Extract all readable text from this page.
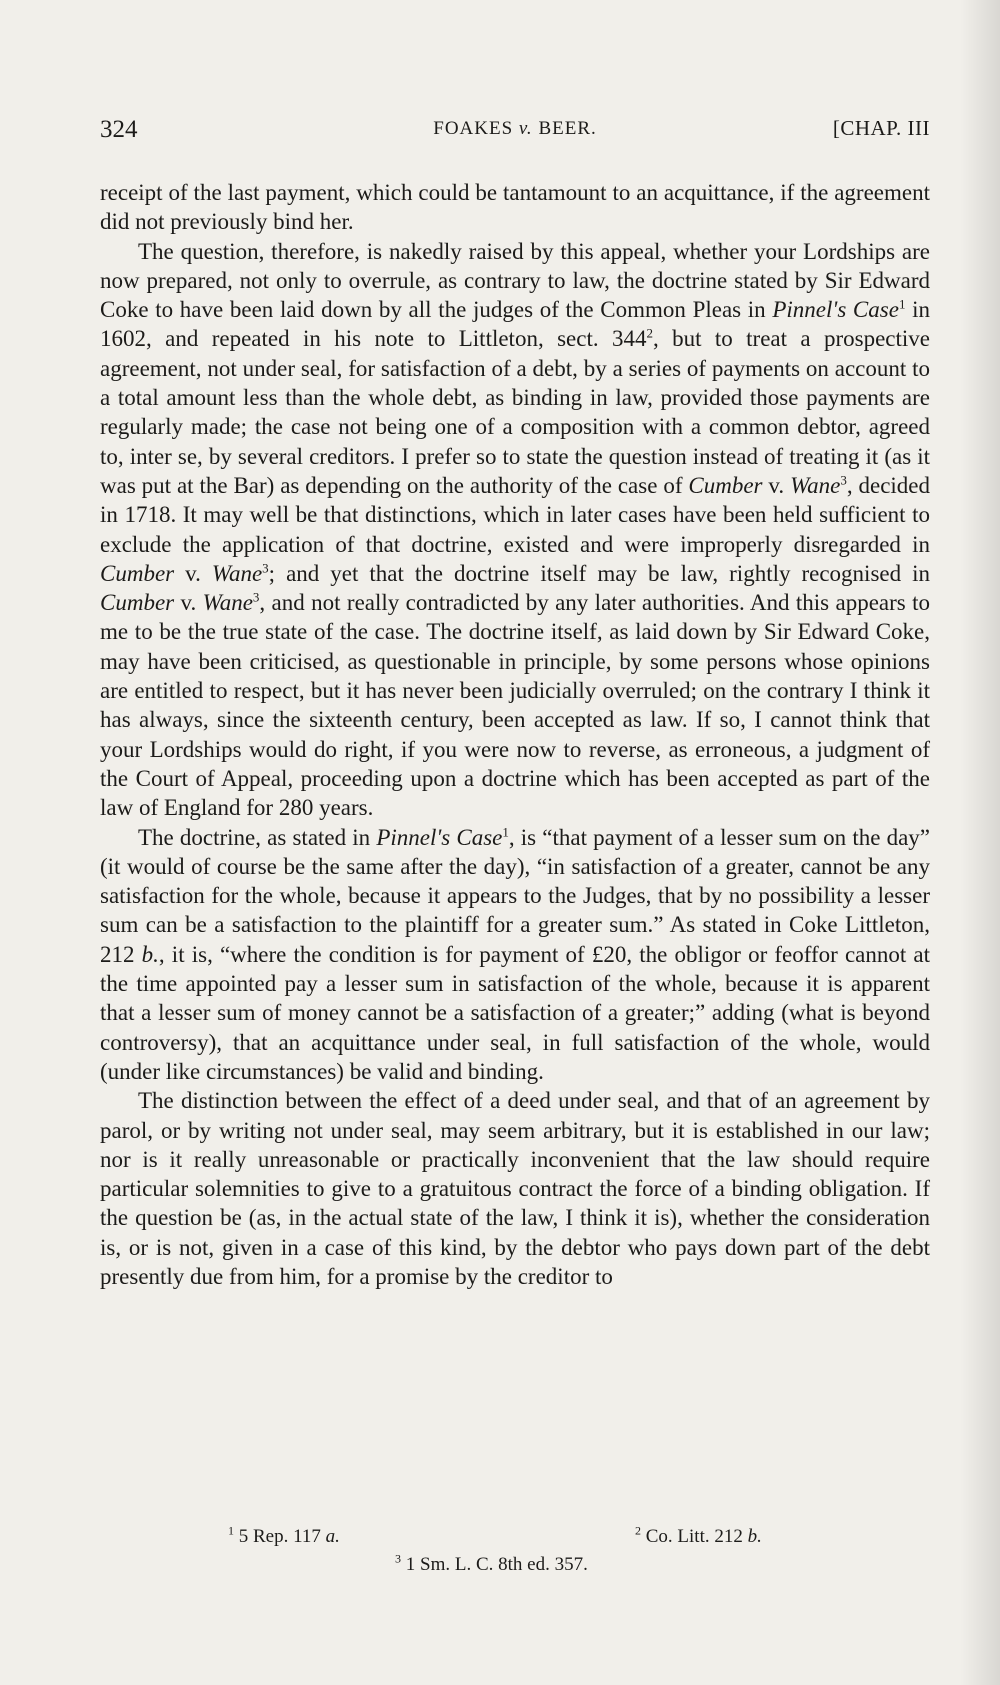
324	FOAKES v. BEER.	[CHAP. III

receipt of the last payment, which could be tantamount to an acquittance, if the agreement did not previously bind her.

The question, therefore, is nakedly raised by this appeal, whether your Lordships are now prepared, not only to overrule, as contrary to law, the doctrine stated by Sir Edward Coke to have been laid down by all the judges of the Common Pleas in Pinnel's Case$^1$ in 1602, and repeated in his note to Littleton, sect. $344^2$, but to treat a prospective agreement, not under seal, for satisfaction of a debt, by a series of payments on account to a total amount less than the whole debt, as binding in law, provided those payments are regularly made; the case not being one of a composition with a common debtor, agreed to, inter se, by several creditors. I prefer so to state the question instead of treating it (as it was put at the Bar) as depending on the authority of the case of Cumber v. Wane$^3$, decided in 1718. It may well be that distinctions, which in later cases have been held sufficient to exclude the application of that doctrine, existed and were improperly disregarded in Cumber v. Wane$^3$; and yet that the doctrine itself may be law, rightly recognised in Cumber v. Wane$^3$, and not really contradicted by any later authorities. And this appears to me to be the true state of the case. The doctrine itself, as laid down by Sir Edward Coke, may have been criticised, as questionable in principle, by some persons whose opinions are entitled to respect, but it has never been judicially overruled; on the contrary I think it has always, since the sixteenth century, been accepted as law. If so, I cannot think that your Lordships would do right, if you were now to reverse, as erroneous, a judgment of the Court of Appeal, proceeding upon a doctrine which has been accepted as part of the law of England for 280 years.

The doctrine, as stated in Pinnel's Case$^1$, is “that payment of a lesser sum on the day” (it would of course be the same after the day), “in satisfaction of a greater, cannot be any satisfaction for the whole, because it appears to the Judges, that by no possibility a lesser sum can be a satisfaction to the plaintiff for a greater sum.” As stated in Coke Littleton, 212 b., it is, “where the condition is for payment of £20, the obligor or feoffor cannot at the time appointed pay a lesser sum in satisfaction of the whole, because it is apparent that a lesser sum of money cannot be a satisfaction of a greater;” adding (what is beyond controversy), that an acquittance under seal, in full satisfaction of the whole, would (under like circumstances) be valid and binding.

The distinction between the effect of a deed under seal, and that of an agreement by parol, or by writing not under seal, may seem arbitrary, but it is established in our law; nor is it really unreasonable or practically inconvenient that the law should require particular solemnities to give to a gratuitous contract the force of a binding obligation. If the question be (as, in the actual state of the law, I think it is), whether the consideration is, or is not, given in a case of this kind, by the debtor who pays down part of the debt presently due from him, for a promise by the creditor to

$^1$ 5 Rep. 117 a.	$^2$ Co. Litt. 212 b.
$^3$ 1 Sm. L. C. 8th ed. 357.
